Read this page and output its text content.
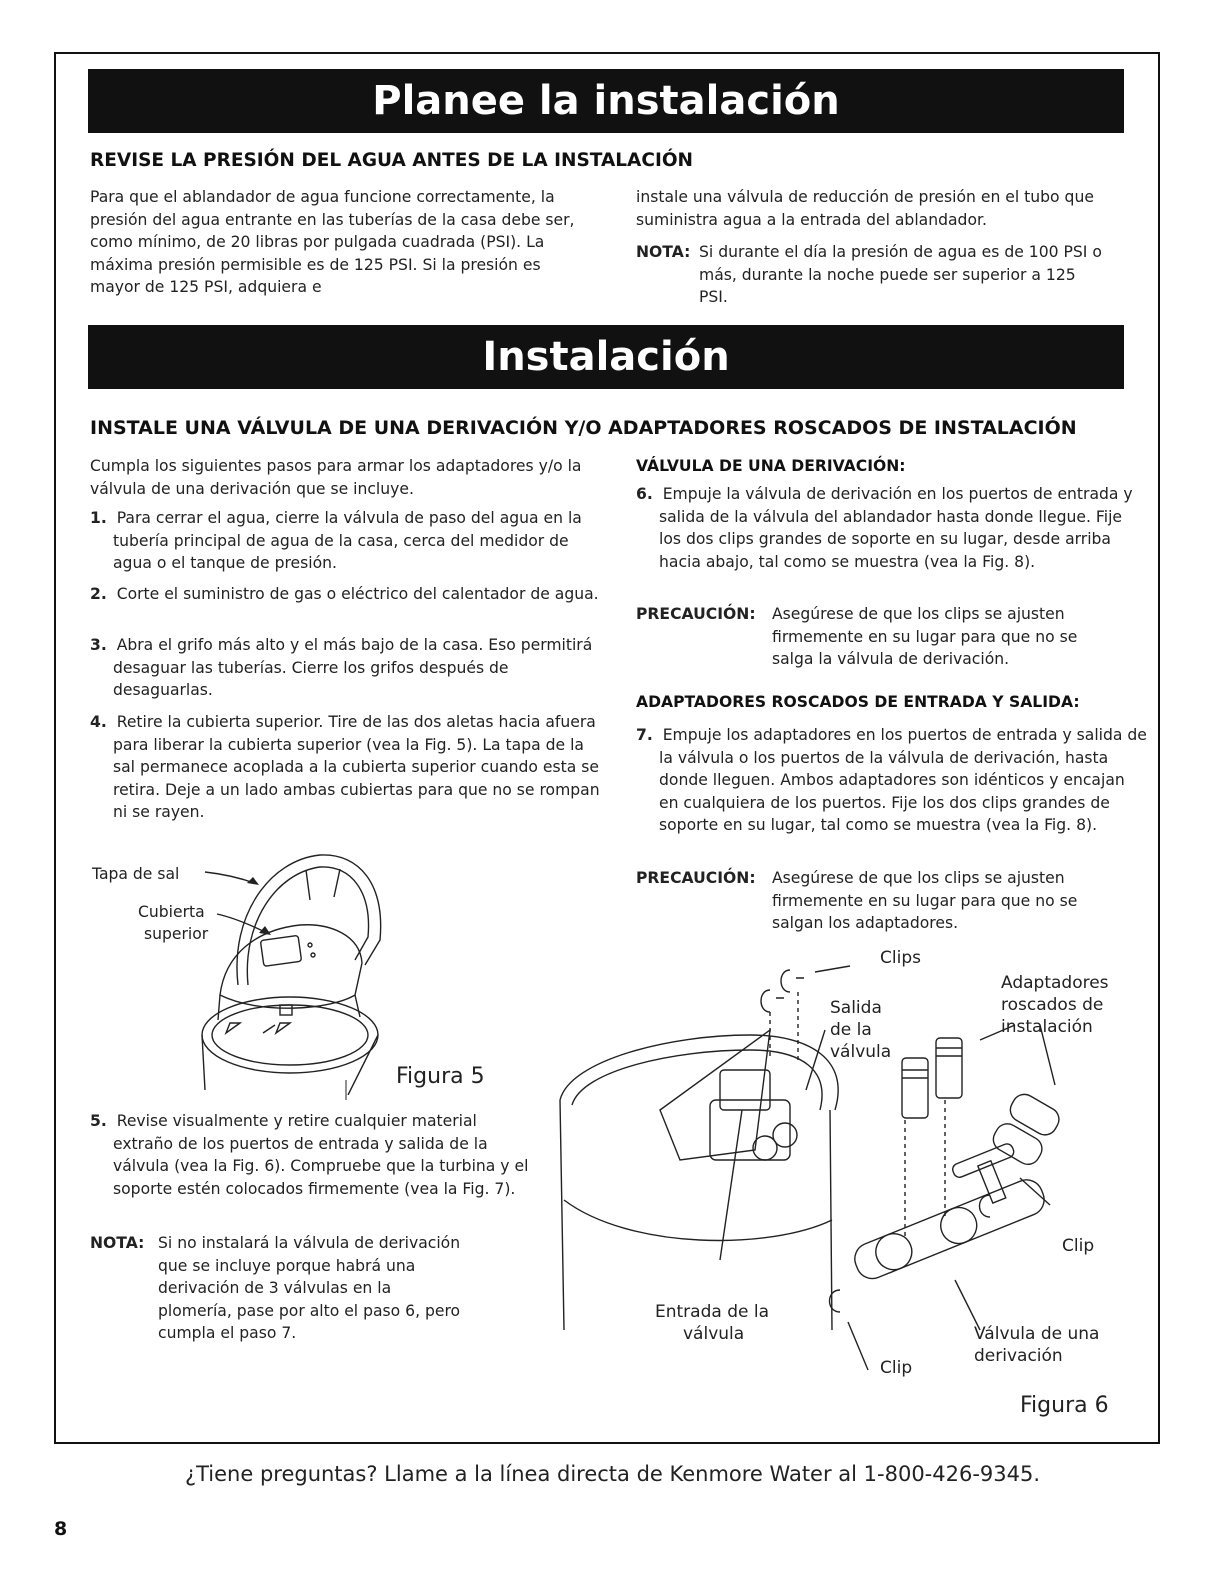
Planee la instalación
REVISE LA PRESIÓN DEL AGUA ANTES DE LA INSTALACIÓN

Para que el ablandador de agua funcione correctamente, la presión del agua entrante en las tuberías de la casa debe ser, como mínimo, de 20 libras por pulgada cuadrada (PSI). La máxima presión permisible es de 125 PSI. Si la presión es mayor de 125 PSI, adquiera e

instale una válvula de reducción de presión en el tubo que suministra agua a la entrada del ablandador.

NOTA: Si durante el día la presión de agua es de 100 PSI o más, durante la noche puede ser superior a 125 PSI.
Instalación
INSTALE UNA VÁLVULA DE UNA DERIVACIÓN Y/O ADAPTADORES ROSCADOS DE INSTALACIÓN

Cumpla los siguientes pasos para armar los adaptadores y/o la válvula de una derivación que se incluye.

1. Para cerrar el agua, cierre la válvula de paso del agua en la tubería principal de agua de la casa, cerca del medidor de agua o el tanque de presión.

2. Corte el suministro de gas o eléctrico del calentador de agua.

3. Abra el grifo más alto y el más bajo de la casa. Eso permitirá desaguar las tuberías. Cierre los grifos después de desaguarlas.

4. Retire la cubierta superior. Tire de las dos aletas hacia afuera para liberar la cubierta superior (vea la Fig. 5). La tapa de la sal permanece acoplada a la cubierta superior cuando esta se retira. Deje a un lado ambas cubiertas para que no se rompan ni se rayen.

Tapa de sal
Cubierta
superior
Figura 5

5. Revise visualmente y retire cualquier material extraño de los puertos de entrada y salida de la válvula (vea la Fig. 6). Compruebe que la turbina y el soporte estén colocados firmemente (vea la Fig. 7).

NOTA: Si no instalará la válvula de derivación que se incluye porque habrá una derivación de 3 válvulas en la plomería, pase por alto el paso 6, pero cumpla el paso 7.
VÁLVULA DE UNA DERIVACIÓN:

6. Empuje la válvula de derivación en los puertos de entrada y salida de la válvula del ablandador hasta donde llegue. Fije los dos clips grandes de soporte en su lugar, desde arriba hacia abajo, tal como se muestra (vea la Fig. 8).

PRECAUCIÓN: Asegúrese de que los clips se ajusten firmemente en su lugar para que no se salga la válvula de derivación.
ADAPTADORES ROSCADOS DE ENTRADA Y SALIDA:

7. Empuje los adaptadores en los puertos de entrada y salida de la válvula o los puertos de la válvula de derivación, hasta donde lleguen. Ambos adaptadores son idénticos y encajan en cualquiera de los puertos. Fije los dos clips grandes de soporte en su lugar, tal como se muestra (vea la Fig. 8).

PRECAUCIÓN: Asegúrese de que los clips se ajusten firmemente en su lugar para que no se salgan los adaptadores.
Clips
Salida
de la
válvula
Adaptadores
roscados de
instalación
Clip
Entrada de la
válvula
Clip
Válvula de una
derivación
Figura 6
¿Tiene preguntas? Llame a la línea directa de Kenmore Water al 1-800-426-9345.
8
